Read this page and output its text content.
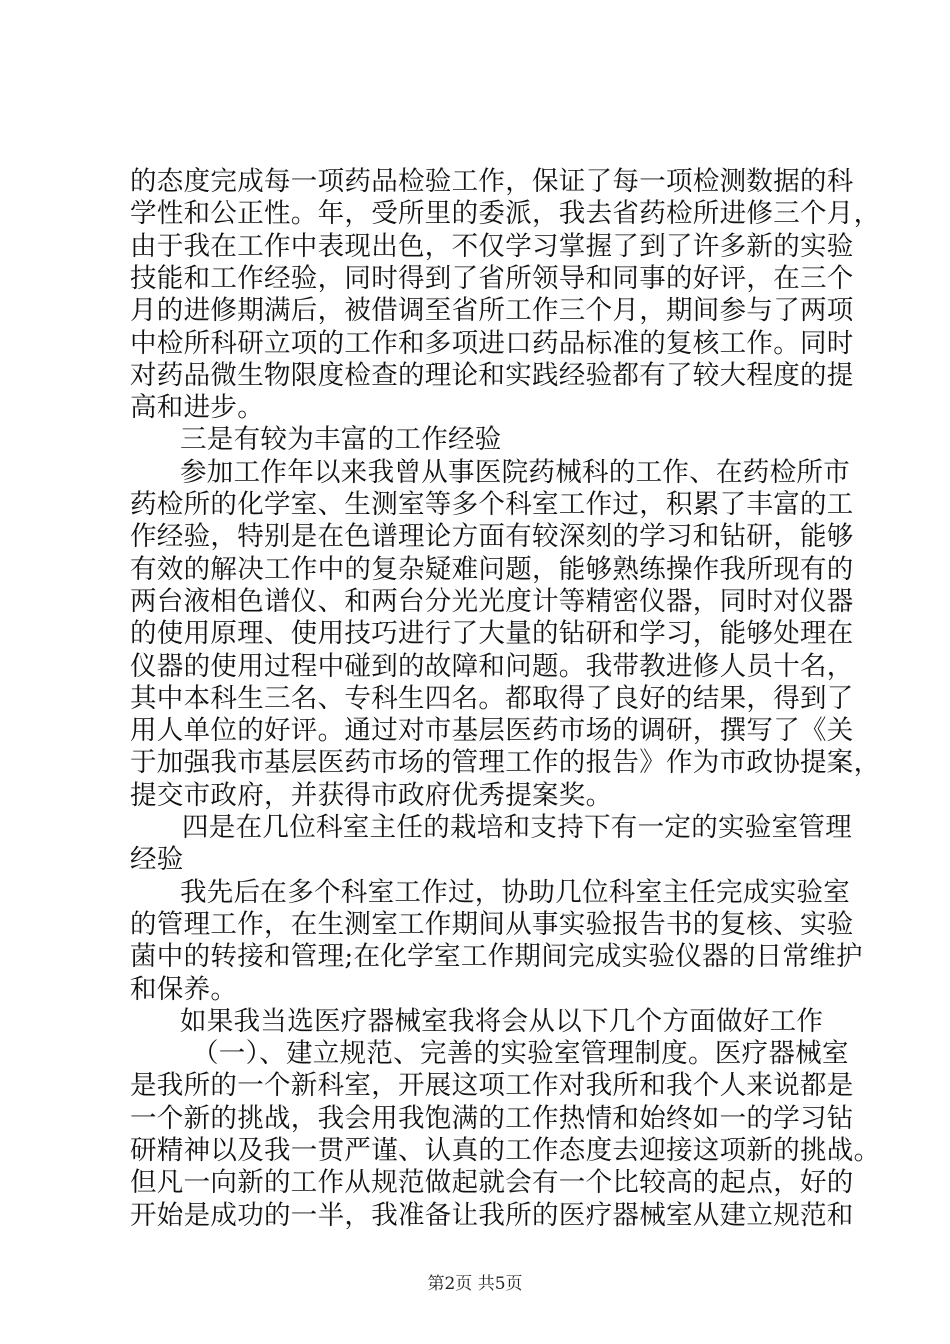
的态度完成每一项药品检验工作，保证了每一项检测数据的科
学性和公正性。年，受所里的委派，我去省药检所进修三个月，
由于我在工作中表现出色，不仅学习掌握了到了许多新的实验
技能和工作经验，同时得到了省所领导和同事的好评，在三个
月的进修期满后，被借调至省所工作三个月，期间参与了两项
中检所科研立项的工作和多项进口药品标准的复核工作。同时
对药品微生物限度检查的理论和实践经验都有了较大程度的提
高和进步。
三是有较为丰富的工作经验
参加工作年以来我曾从事医院药械科的工作、在药检所市
药检所的化学室、生测室等多个科室工作过，积累了丰富的工
作经验，特别是在色谱理论方面有较深刻的学习和钻研，能够
有效的解决工作中的复杂疑难问题，能够熟练操作我所现有的
两台液相色谱仪、和两台分光光度计等精密仪器，同时对仪器
的使用原理、使用技巧进行了大量的钻研和学习，能够处理在
仪器的使用过程中碰到的故障和问题。我带教进修人员十名，
其中本科生三名、专科生四名。都取得了良好的结果，得到了
用人单位的好评。通过对市基层医药市场的调研，撰写了《关
于加强我市基层医药市场的管理工作的报告》作为市政协提案，
提交市政府，并获得市政府优秀提案奖。
四是在几位科室主任的栽培和支持下有一定的实验室管理
经验
我先后在多个科室工作过，协助几位科室主任完成实验室
的管理工作，在生测室工作期间从事实验报告书的复核、实验
菌中的转接和管理;在化学室工作期间完成实验仪器的日常维护
和保养。
如果我当选医疗器械室我将会从以下几个方面做好工作
（一）、建立规范、完善的实验室管理制度。医疗器械室
是我所的一个新科室，开展这项工作对我所和我个人来说都是
一个新的挑战，我会用我饱满的工作热情和始终如一的学习钻
研精神以及我一贯严谨、认真的工作态度去迎接这项新的挑战。
但凡一向新的工作从规范做起就会有一个比较高的起点，好的
开始是成功的一半，我准备让我所的医疗器械室从建立规范和
第2页 共5页
